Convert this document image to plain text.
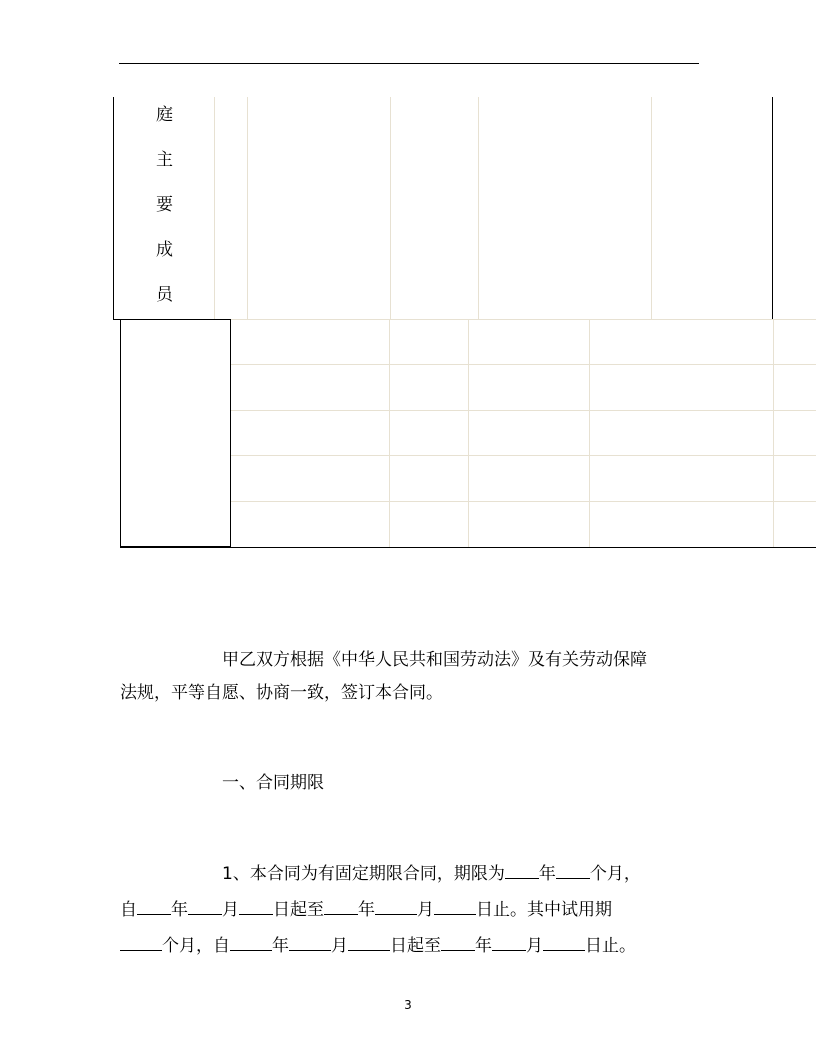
庭
主
要
成
员
甲乙双方根据《中华人民共和国劳动法》及有关劳动保障
法规，平等自愿、协商一致，签订本合同。
一、合同期限
1、本合同为有固定期限合同，期限为 年 个月，
自 年 月 日起至 年 月 日止。其中试用期
个月，自 年 月 日起至 年 月 日止。
3
